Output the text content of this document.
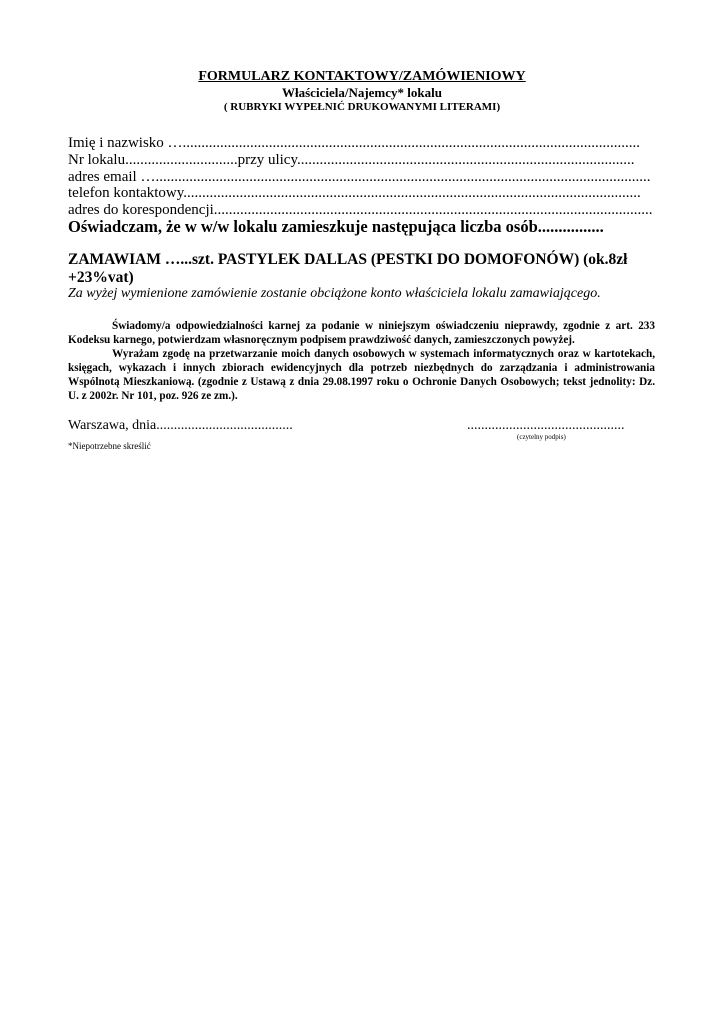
FORMULARZ KONTAKTOWY/ZAMÓWIENIOWY

Właściciela/Najemcy* lokalu

( RUBRYKI WYPEŁNIĆ DRUKOWANYMI LITERAMI)

Imię i nazwisko …..........................................................................................................................

Nr lokalu..............................przy ulicy..........................................................................................

adres email …....................................................................................................................................

telefon kontaktowy..........................................................................................................................

adres do korespondencji.....................................................................................................................

Oświadczam, że w w/w lokalu zamieszkuje następująca liczba osób................

ZAMAWIAM …...szt. PASTYLEK DALLAS (PESTKI DO DOMOFONÓW) (ok.8zł +23%vat)

Za wyżej wymienione zamówienie zostanie obciążone konto właściciela lokalu zamawiającego.

Świadomy/a odpowiedzialności karnej za podanie w niniejszym oświadczeniu nieprawdy, zgodnie z art. 233 Kodeksu karnego, potwierdzam własnoręcznym podpisem prawdziwość danych, zamieszczonych powyżej.

Wyrażam zgodę na przetwarzanie moich danych osobowych w systemach informatycznych oraz w kartotekach, księgach, wykazach i innych zbiorach ewidencyjnych dla potrzeb niezbędnych do zarządzania i administrowania Wspólnotą Mieszkaniową. (zgodnie z Ustawą z dnia 29.08.1997 roku o Ochronie Danych Osobowych; tekst jednolity: Dz. U. z 2002r. Nr 101, poz. 926 ze zm.).

Warszawa, dnia.......................................	.............................................

(czytelny podpis)

*Niepotrzebne skreślić
